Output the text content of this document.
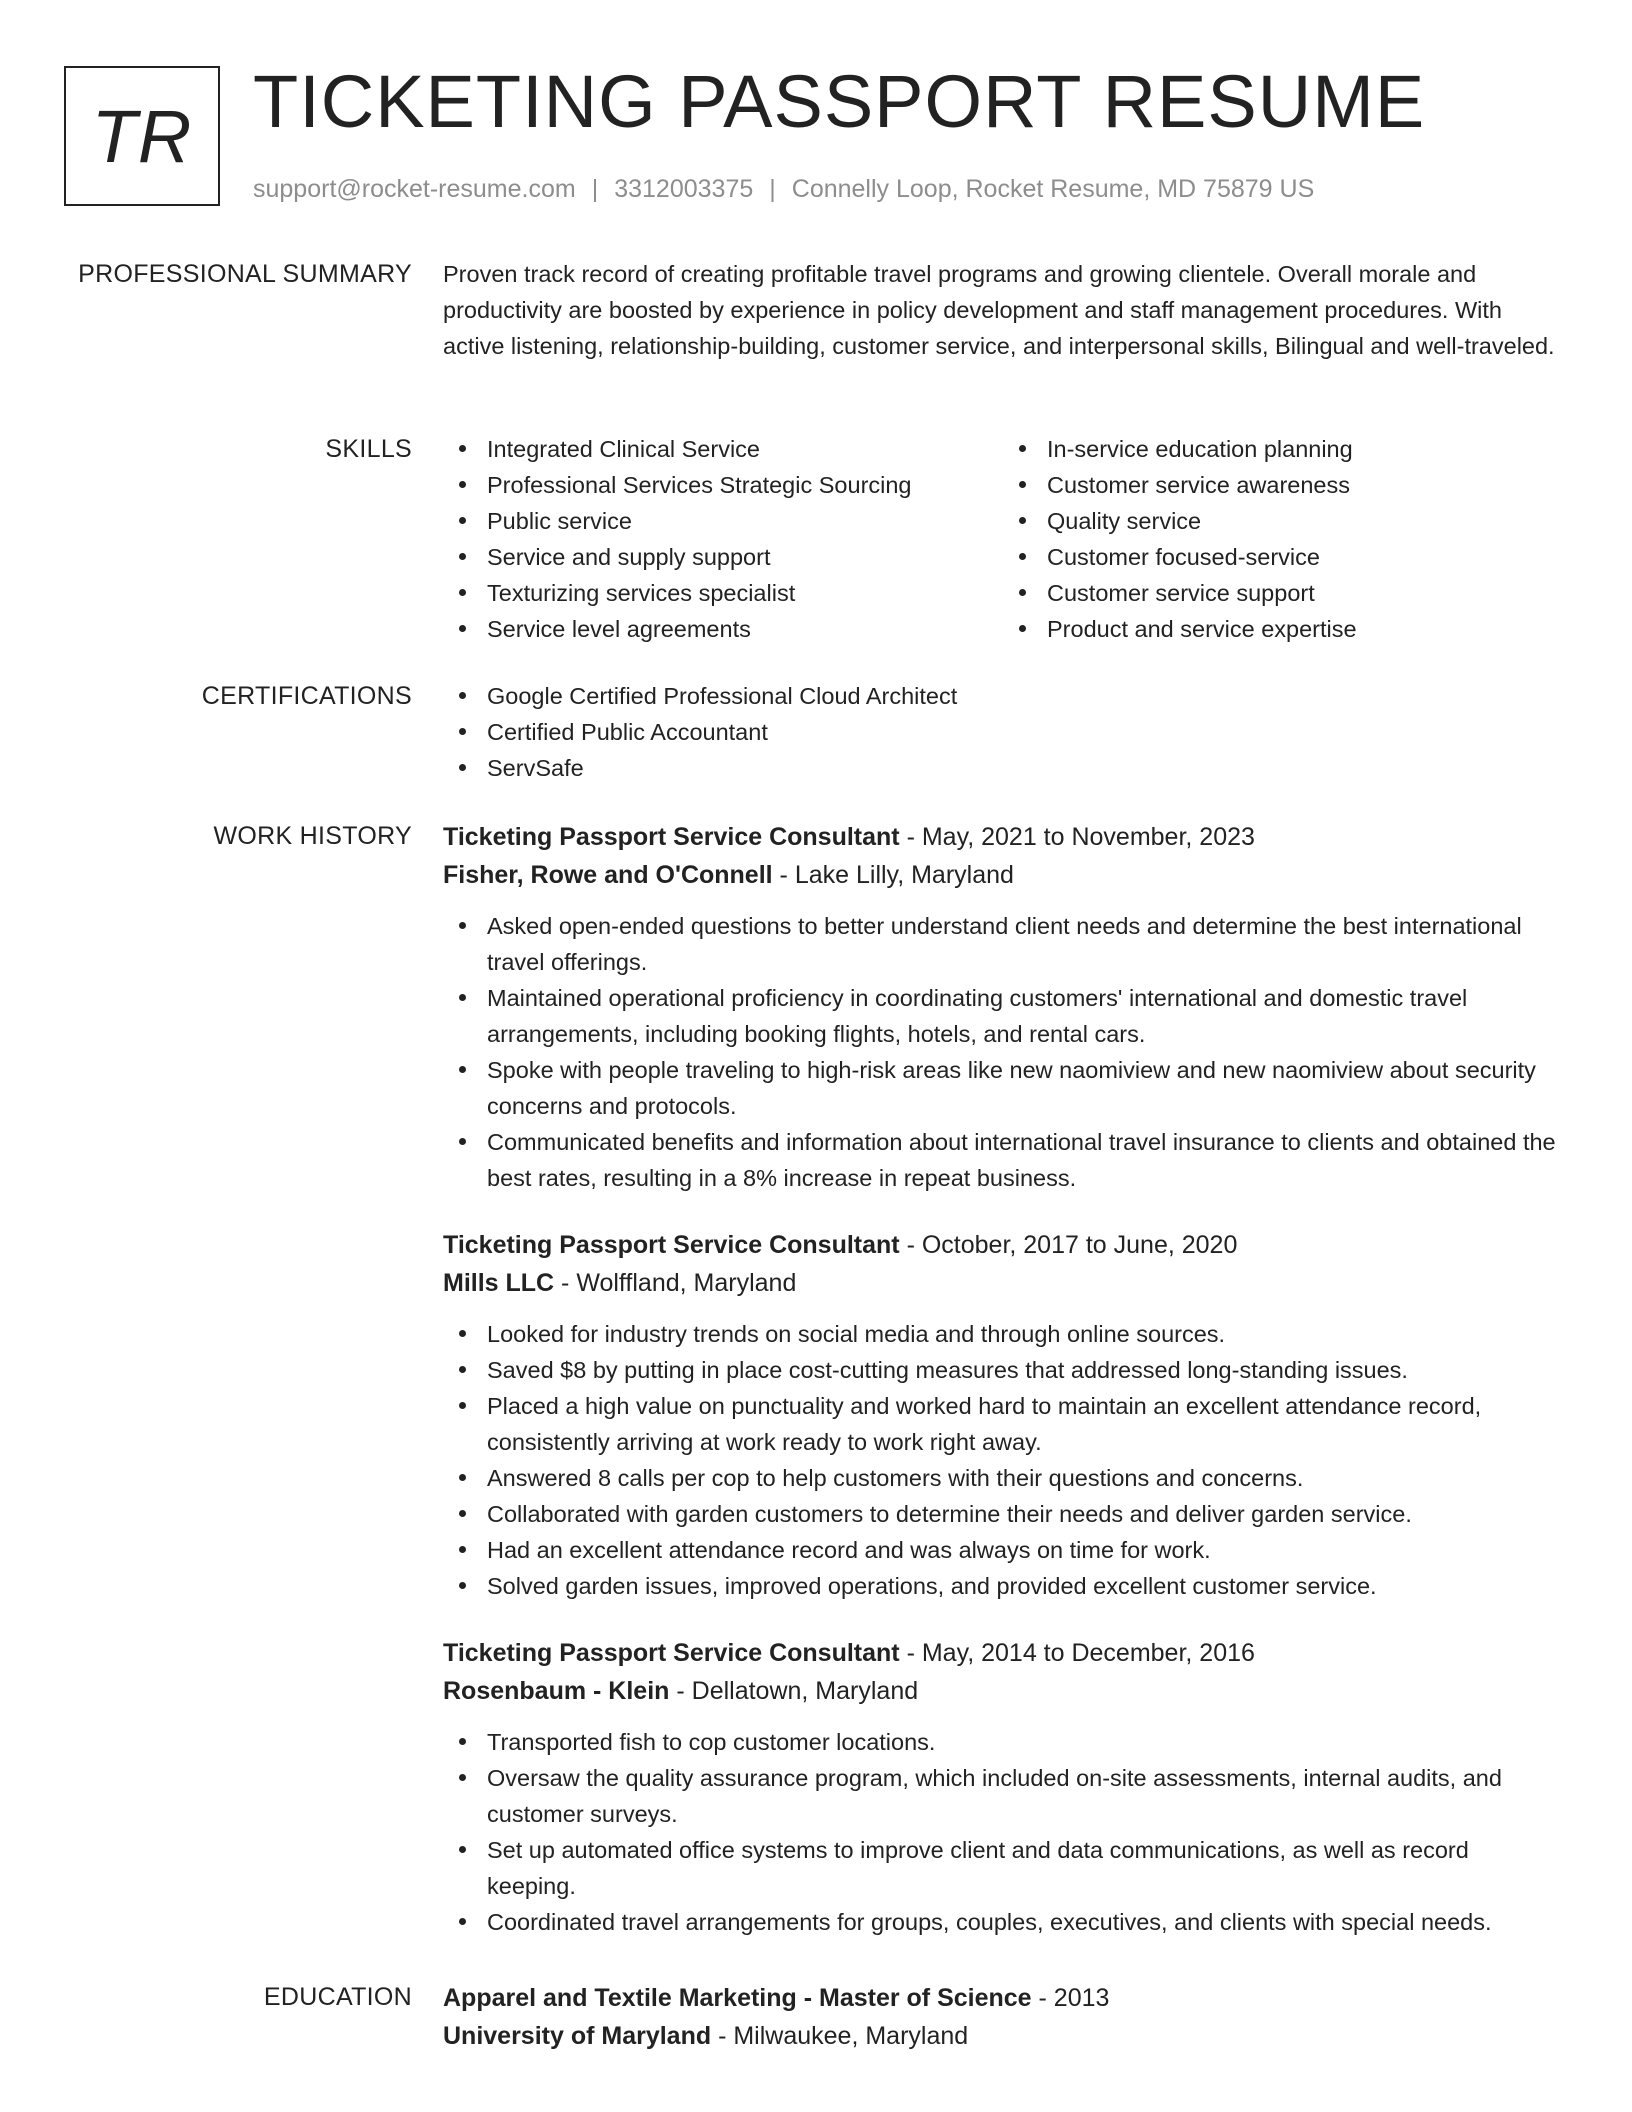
TR TICKETING PASSPORT RESUME
support@rocket-resume.com | 3312003375 | Connelly Loop, Rocket Resume, MD 75879 US
PROFESSIONAL SUMMARY Proven track record of creating profitable travel programs and growing clientele. Overall morale and productivity are boosted by experience in policy development and staff management procedures. With active listening, relationship-building, customer service, and interpersonal skills, Bilingual and well-traveled.

SKILLS	Integrated Clinical Service
Professional Services Strategic Sourcing
Public service
Service and supply support
Texturizing services specialist
Service level agreements
In-service education planning
Customer service awareness
Quality service
Customer focused-service
Customer service support
Product and service expertise
CERTIFICATIONS	Google Certified Professional Cloud Architect
Certified Public Accountant
ServSafe
WORK HISTORY Ticketing Passport Service Consultant - May, 2021 to November, 2023
Fisher, Rowe and O'Connell - Lake Lilly, Maryland
Asked open-ended questions to better understand client needs and determine the best international travel offerings.
Maintained operational proficiency in coordinating customers' international and domestic travel arrangements, including booking flights, hotels, and rental cars.
Spoke with people traveling to high-risk areas like new naomiview and new naomiview about security concerns and protocols.
Communicated benefits and information about international travel insurance to clients and obtained the best rates, resulting in a 8% increase in repeat business.
Ticketing Passport Service Consultant - October, 2017 to June, 2020
Mills LLC - Wolffland, Maryland
Looked for industry trends on social media and through online sources.
Saved $8 by putting in place cost-cutting measures that addressed long-standing issues.
Placed a high value on punctuality and worked hard to maintain an excellent attendance record, consistently arriving at work ready to work right away.
Answered 8 calls per cop to help customers with their questions and concerns.
Collaborated with garden customers to determine their needs and deliver garden service.
Had an excellent attendance record and was always on time for work.
Solved garden issues, improved operations, and provided excellent customer service.
Ticketing Passport Service Consultant - May, 2014 to December, 2016
Rosenbaum - Klein - Dellatown, Maryland
Transported fish to cop customer locations.
Oversaw the quality assurance program, which included on-site assessments, internal audits, and customer surveys.
Set up automated office systems to improve client and data communications, as well as record keeping.
Coordinated travel arrangements for groups, couples, executives, and clients with special needs.
EDUCATION Apparel and Textile Marketing - Master of Science - 2013
University of Maryland - Milwaukee, Maryland
